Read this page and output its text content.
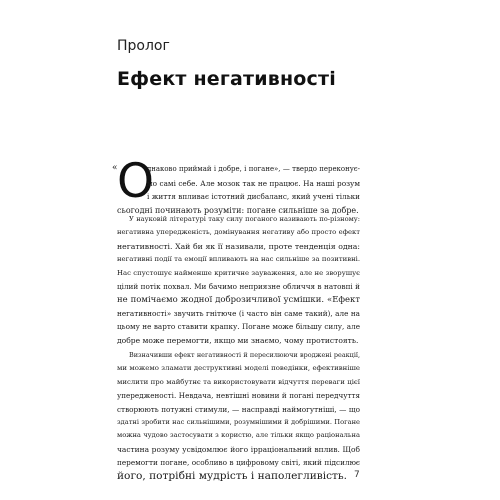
Пролог
Ефект негативності
« О
днаково приймай і добре, і погане», — твердо переконує-
мо самі себе. Але мозок так не працює. На наші розум
і життя впливає істотний дисбаланс, який учені тільки
сьогодні починають розуміти: погане сильніше за добре.
У науковій літературі таку силу поганого називають по-різному:
негативна упередженість, домінування негативу або просто ефект
негативності. Хай би як її називали, проте тенденція одна:
негативні події та емоції впливають на нас сильніше за позитивні.
Нас спустошує найменше критичне зауваження, але не зворушує
цілий потік похвал. Ми бачимо неприязне обличчя в натовпі й
не помічаємо жодної доброзичливої усмішки. «Ефект
негативності» звучить гнітюче (і часто він саме такий), але на
цьому не варто ставити крапку. Погане може більшу силу, але
добре може перемогти, якщо ми знаємо, чому протистоять.
Визначивши ефект негативності й пересилюючи вроджені реакції,
ми можемо зламати деструктивні моделі поведінки, ефективніше
мислити про майбутнє та використовувати відчуття переваги цієї
упередженості. Невдача, невтішні новини й погані передчуття
створюють потужні стимули, — насправді наймогутніші, — що
здатні зробити нас сильнішими, розумнішими й добрішими. Погане
можна чудово застосувати з користю, але тільки якщо раціональна
частина розуму усвідомлює його ірраціональний вплив. Щоб
перемогти погане, особливо в цифровому світі, який підсилює
його, потрібні мудрість і наполегливість. 7
